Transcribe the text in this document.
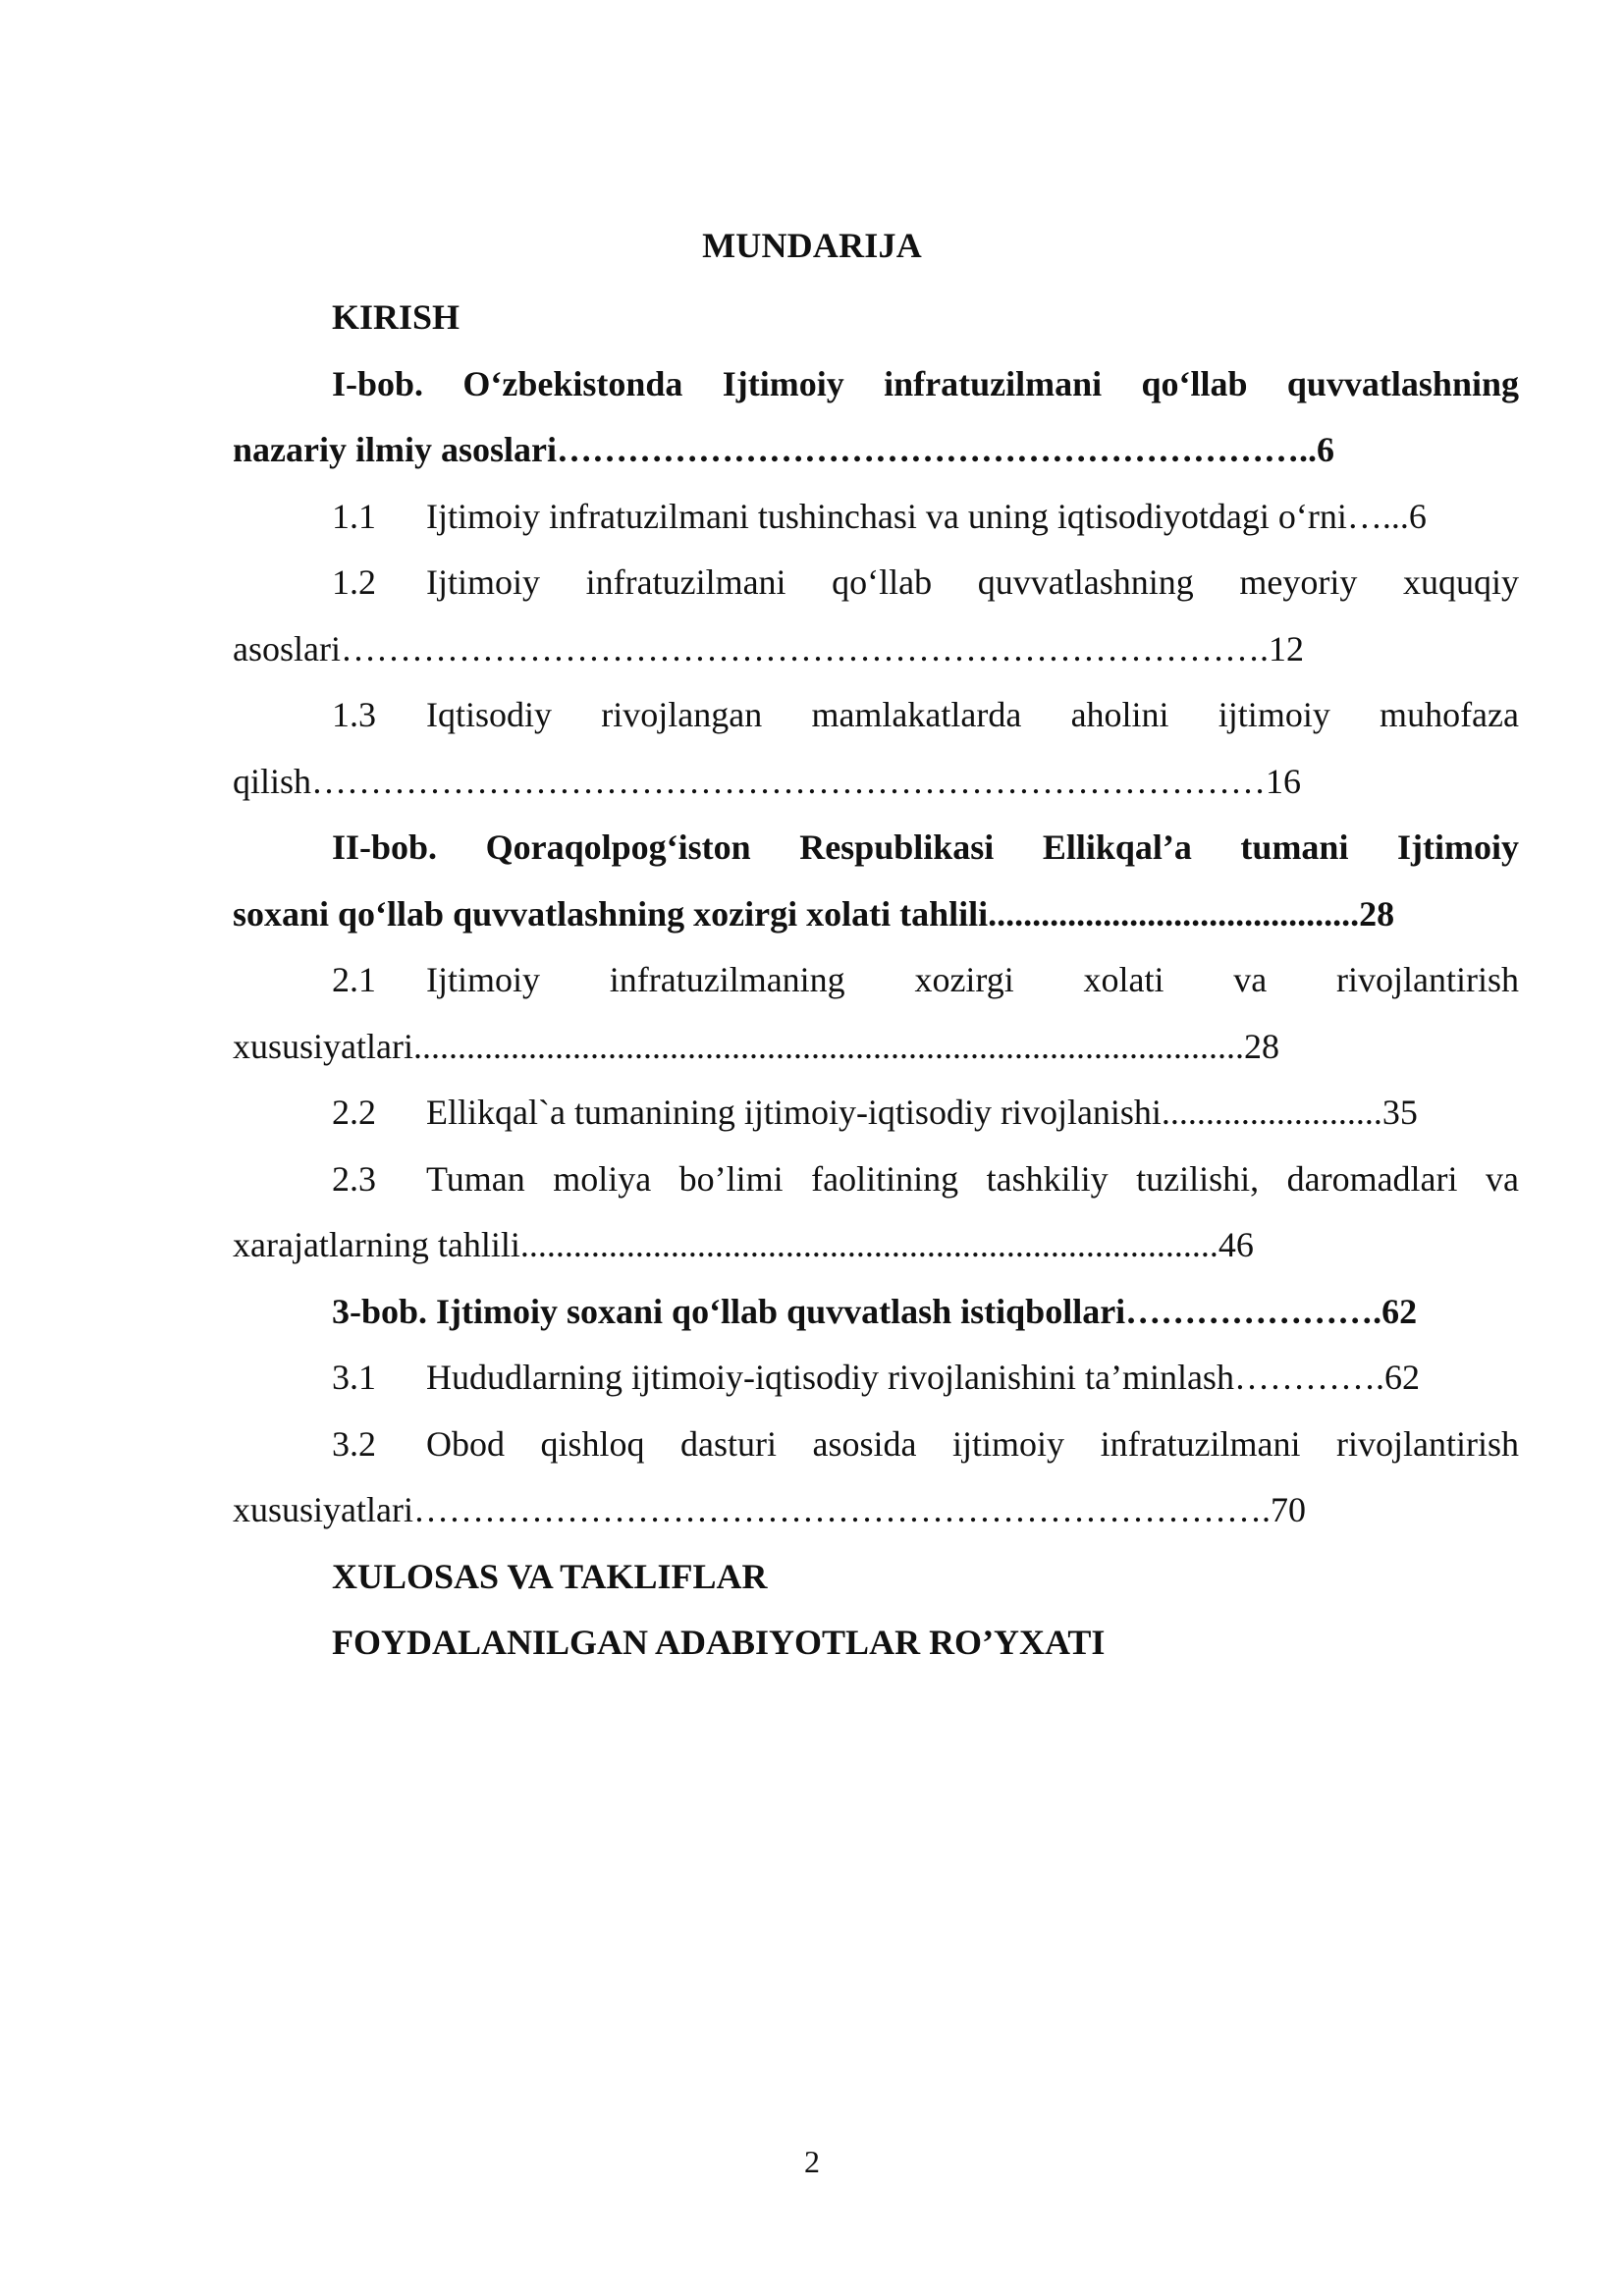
MUNDARIJA

KIRISH

I-bob. O‘zbekistonda Ijtimoiy infratuzilmani qo‘llab quvvatlashning

nazariy ilmiy asoslari………………………………………………………..6

1.1 Ijtimoiy infratuzilmani tushinchasi va uning iqtisodiyotdagi o‘rni…...6

1.2 Ijtimoiy infratuzilmani qo‘llab quvvatlashning meyoriy xuquqiy

asoslari…………………………………………………………………….12

1.3 Iqtisodiy rivojlangan mamlakatlarda aholini ijtimoiy muhofaza

qilish………………………………………………………………………16

II-bob. Qoraqolpog‘iston Respublikasi Ellikqal’a tumani Ijtimoiy

soxani qo‘llab quvvatlashning xozirgi xolati tahlili..........................................28

2.1 Ijtimoiy infratuzilmaning xozirgi xolati va rivojlantirish

xususiyatlari..............................................................................................28

2.2 Ellikqal`a tumanining ijtimoiy-iqtisodiy rivojlanishi.........................35

2.3 Tuman moliya bo’limi faolitining tashkiliy tuzilishi, daromadlari va

xarajatlarning tahlili...............................................................................46

3-bob. Ijtimoiy soxani qo‘llab quvvatlash istiqbollari………………….62

3.1 Hududlarning ijtimoiy-iqtisodiy rivojlanishini ta’minlash………….62

3.2 Obod qishloq dasturi asosida ijtimoiy infratuzilmani rivojlantirish

xususiyatlari……………………………………………………………….70

XULOSAS VA TAKLIFLAR

FOYDALANILGAN ADABIYOTLAR RO’YXATI

2
